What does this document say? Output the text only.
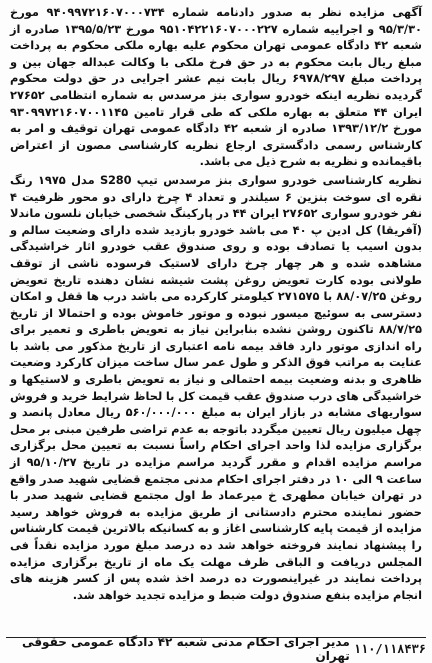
آگهی مزایده نظر به صدور دادنامه شماره ۹۴۰۹۹۷۲۱۶۰۷۰۰۰۷۳۴ مورخ ۹۵/۳/۳۰ و اجراییه شماره ۹۵۱۰۴۲۲۱۶۰۷۰۰۰۲۲۷ مورخ ۱۳۹۵/۵/۲۳ صادره از شعبه ۴۲ دادگاه عمومی تهران محکوم علیه بهاره ملکی محکوم به پرداخت مبلغ ریال بابت محکوم به در حق فرخ ملکی با وکالت عبداله جهان بین و پرداخت مبلغ ۶۹۷۸/۲۹۷ ریال بابت نیم عشر اجرایی در حق دولت محکوم گردیده نظریه اینکه خودرو سواری بنز مرسدس به شماره انتظامی ۲۷۶۵۲ ایران ۴۴ متعلق به بهاره ملکی که طی قرار تامین ۹۳۰۹۹۷۲۱۶۰۷۰۰۱۱۴۵ مورخ ۱۳۹۳/۱۲/۲ صادره از شعبه ۴۲ دادگاه عمومی تهران توقیف و امر به کارشناس رسمی دادگستری ارجاع نظریه کارشناسی مصون از اعتراض باقیمانده و نظریه به شرح ذیل می باشد.

نظریه کارشناسی خودرو سواری بنز مرسدس تیپ S280 مدل ۱۹۷۵ رنگ نقره ای سوخت بنزین ۶ سیلندر و تعداد ۴ چرخ دارای دو محور ظرفیت ۴ نفر خودرو سواری ۲۷۶۵۲ ایران ۴۴ در پارکینگ شخصی خیابان نلسون ماندلا (آفریقا) کل ادین پ ۴۰ می باشد خودرو بازدید شده دارای وضعیت سالم و بدون اسیب یا تصادف بوده و روی صندوق عقب خودرو اثار خراشیدگی مشاهده شده و هر چهار چرخ دارای لاستیک فرسوده ناشی از توقف طولانی بوده کارت تعویض روغن پشت شیشه نشان دهنده تاریخ تعویض روغن ۸۸/۰۷/۲۵ با ۲۷۱۵۷۵ کیلومتر کارکرده می باشد درب ها قفل و امکان دسترسی به سوئیچ میسور نبوده و موتور خاموش بوده و احتمالا از تاریخ ۸۸/۷/۲۵ تاکنون روشن نشده بنابراین نیاز به تعویض باطری و تعمیر برای راه اندازی موتور دارد فاقد بیمه نامه اعتباری از تاریخ مذکور می باشد با عنایت به مراتب فوق الذکر و طول عمر سال ساخت میزان کارکرد وضعیت ظاهری و بدنه وضعیت بیمه احتمالی و نیاز به تعویض باطری و لاستیکها و خراشیدگی های درب صندوق عقب قیمت کل با لحاظ شرایط خرید و فروش سواریهای مشابه در بازار ایران به مبلغ ۵۶۰/۰۰۰/۰۰۰ ریال معادل پانصد و چهل میلیون ریال تعیین میگردد باتوجه به عدم تراضی طرفین مبنی بر محل برگزاری مزایده لذا واحد اجرای احکام راساً نسبت به تعیین محل برگزاری مراسم مزایده اقدام و مقرر گردید مراسم مزایده در تاریخ ۹۵/۱۰/۲۷ از ساعت ۹ الی ۱۰ در دفتر اجرای احکام مدنی مجتمع قضایی شهید صدر واقع در تهران خیابان مطهری خ میرعماد ط اول مجتمع قضایی شهید صدر با حضور نماینده محترم دادستانی از طریق مزایده به فروش خواهد رسید مزایده از قیمت پایه کارشناسی اغاز و به کسانیکه بالاترین قیمت کارشناس را پیشنهاد نمایند فروخته خواهد شد ده درصد مبلغ مورد مزایده نقداً فی المجلس دریافت و الباقی ظرف مهلت یک ماه از تاریخ برگزاری مزایده پرداخت نمایند در غیراینصورت ده درصد اخذ شده پس از کسر هزینه های انجام مزایده بنفع صندوق دولت ضبط و مزایده تجدید خواهد شد.

مدیر اجرای احکام مدنی شعبه ۴۲ دادگاه عمومی حقوقی تهران ۱۱۰/۱۱۸۴۳۶
